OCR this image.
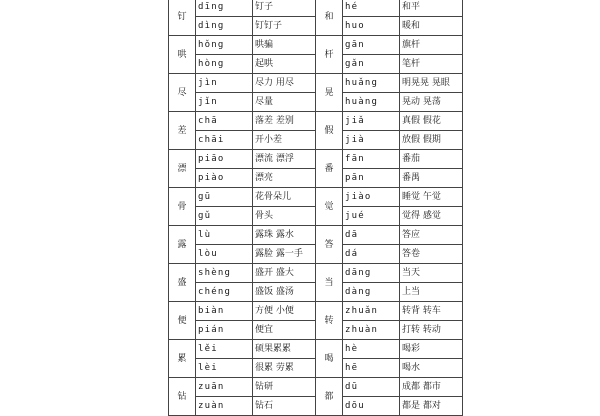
钉	dīng	钉子	和	hé	和平
	dìng	钉钉子		huo	暖和
哄	hǒng	哄骗	杆	gān	旗杆
	hòng	起哄		gǎn	笔杆
尽	jìn	尽力 用尽	晃	huǎng	明晃晃 晃眼
	jǐn	尽量		huàng	晃动 晃荡
差	chā	落差 差别	假	jiǎ	真假 假花
	chāi	开小差		jià	放假 假期
漂	piāo	漂流 漂浮	番	fān	番茄
	piào	漂亮		pān	番禺
骨	gū	花骨朵儿	觉	jiào	睡觉 午觉
	gǔ	骨头		jué	觉得 感觉
露	lù	露珠 露水	答	dā	答应
	lòu	露脸 露一手		dá	答卷
盛	shèng	盛开 盛大	当	dāng	当天
	chéng	盛饭 盛汤		dàng	上当
便	biàn	方便 小便	转	zhuǎn	转背 转车
	pián	便宜		zhuàn	打转 转动
累	lěi	硕果累累	喝	hè	喝彩
	lèi	很累 劳累		hē	喝水
钻	zuān	钻研	都	dū	成都 都市
	zuàn	钻石		dōu	都是 都对
